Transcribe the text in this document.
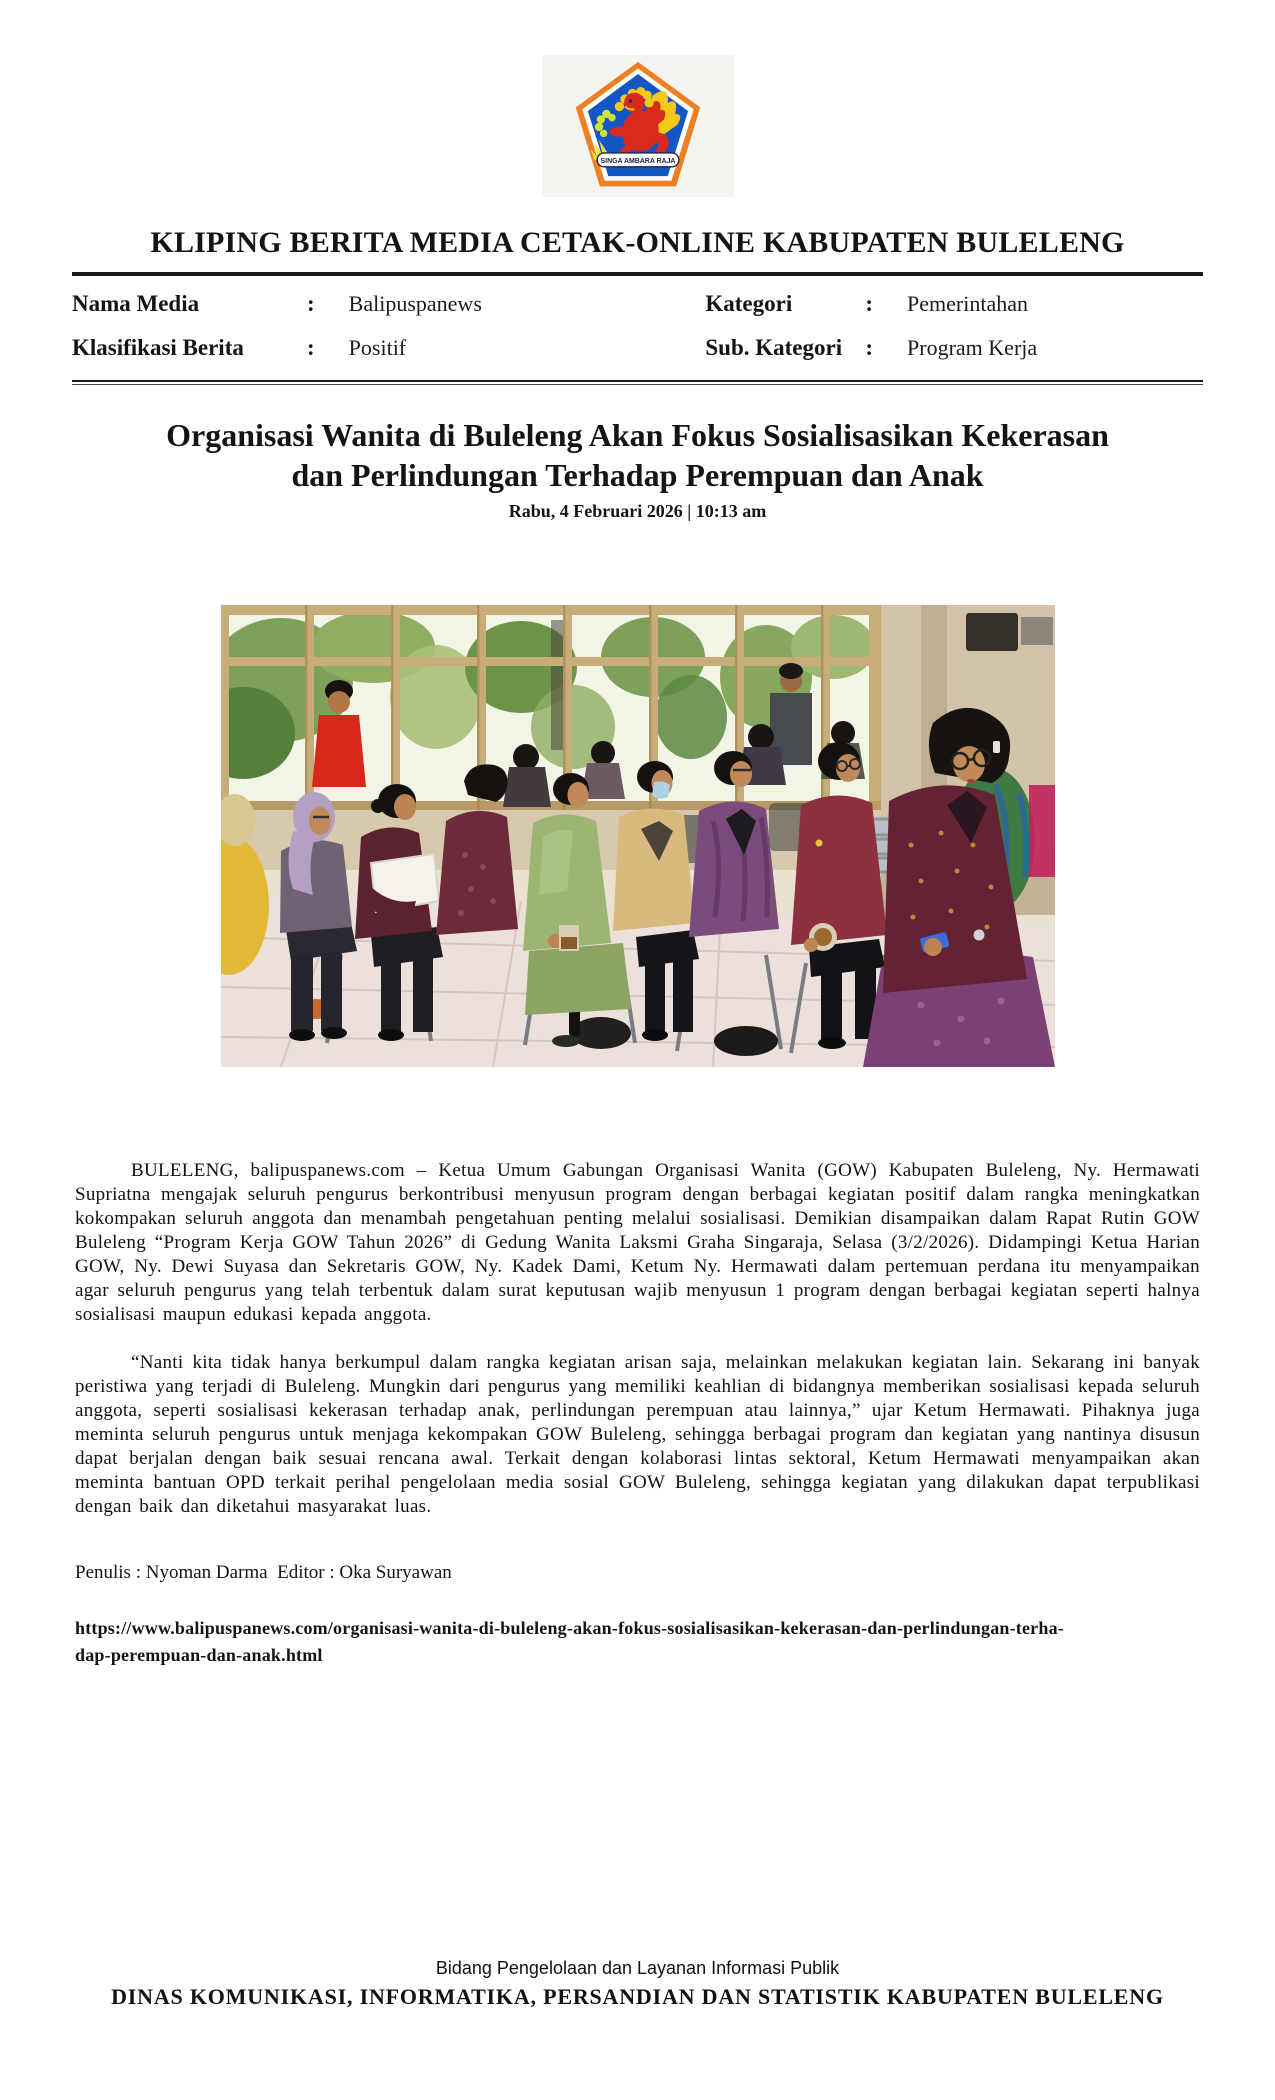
SINGA AMBARA RAJA
KLIPING BERITA MEDIA CETAK-ONLINE KABUPATEN BULELENG
Nama Media	: Balipuspanews	Kategori	: Pemerintahan
Klasifikasi Berita	: Positif	Sub. Kategori	: Program Kerja
Organisasi Wanita di Buleleng Akan Fokus Sosialisasikan Kekerasan
dan Perlindungan Terhadap Perempuan dan Anak
Rabu, 4 Februari 2026 | 10:13 am

BULELENG, balipuspanews.com – Ketua Umum Gabungan Organisasi Wanita (GOW) Kabupaten Buleleng, Ny. Hermawati Supriatna mengajak seluruh pengurus berkontribusi menyusun program dengan berbagai kegiatan positif dalam rangka meningkatkan kokompakan seluruh anggota dan menambah pengetahuan penting melalui sosialisasi. Demikian disampaikan dalam Rapat Rutin GOW Buleleng “Program Kerja GOW Tahun 2026” di Gedung Wanita Laksmi Graha Singaraja, Selasa (3/2/2026). Didampingi Ketua Harian GOW, Ny. Dewi Suyasa dan Sekretaris GOW, Ny. Kadek Dami, Ketum Ny. Hermawati dalam pertemuan perdana itu menyampaikan agar seluruh pengurus yang telah terbentuk dalam surat keputusan wajib menyusun 1 program dengan berbagai kegiatan seperti halnya sosialisasi maupun edukasi kepada anggota.

“Nanti kita tidak hanya berkumpul dalam rangka kegiatan arisan saja, melainkan melakukan kegiatan lain. Sekarang ini banyak peristiwa yang terjadi di Buleleng. Mungkin dari pengurus yang memiliki keahlian di bidangnya memberikan sosialisasi kepada seluruh anggota, seperti sosialisasi kekerasan terhadap anak, perlindungan perempuan atau lainnya,” ujar Ketum Hermawati. Pihaknya juga meminta seluruh pengurus untuk menjaga kekompakan GOW Buleleng, sehingga berbagai program dan kegiatan yang nantinya disusun dapat berjalan dengan baik sesuai rencana awal. Terkait dengan kolaborasi lintas sektoral, Ketum Hermawati menyampaikan akan meminta bantuan OPD terkait perihal pengelolaan media sosial GOW Buleleng, sehingga kegiatan yang dilakukan dapat terpublikasi dengan baik dan diketahui masyarakat luas.

Penulis : Nyoman Darma  Editor : Oka Suryawan
https://www.balipuspanews.com/organisasi-wanita-di-buleleng-akan-fokus-sosialisasikan-kekerasan-dan-perlindungan-terha-
dap-perempuan-dan-anak.html
Bidang Pengelolaan dan Layanan Informasi Publik
DINAS KOMUNIKASI, INFORMATIKA, PERSANDIAN DAN STATISTIK KABUPATEN BULELENG
